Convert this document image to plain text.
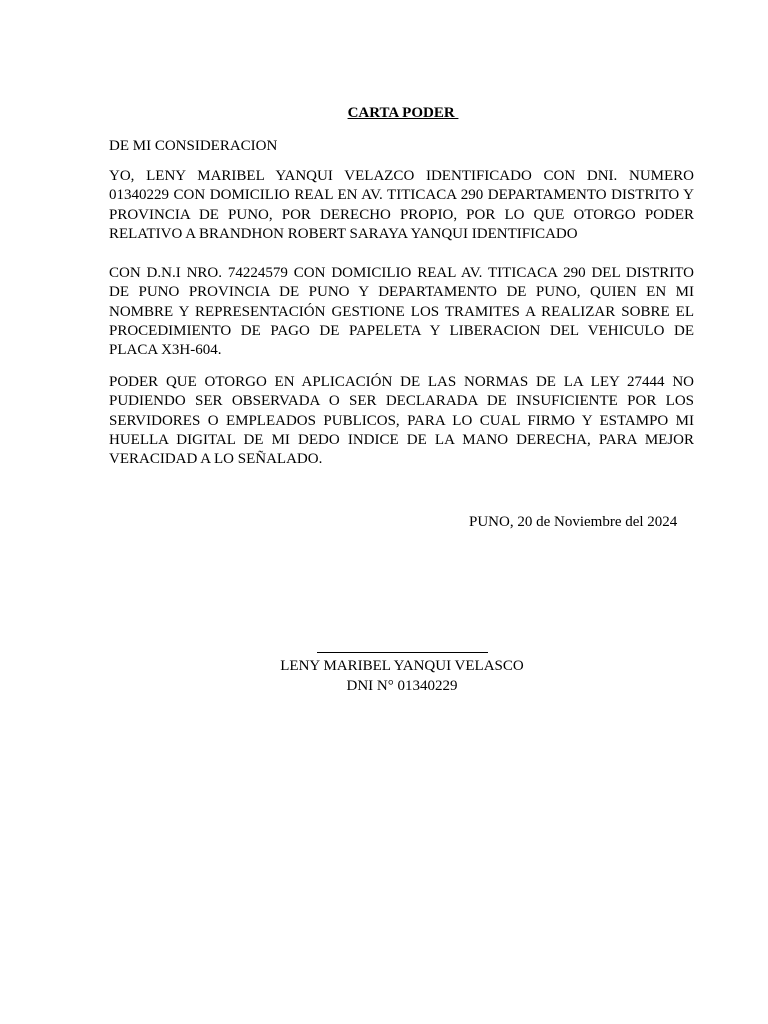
CARTA PODER
DE MI CONSIDERACION

YO, LENY MARIBEL YANQUI VELAZCO IDENTIFICADO CON DNI. NUMERO 01340229 CON DOMICILIO REAL EN AV. TITICACA 290 DEPARTAMENTO DISTRITO Y PROVINCIA DE PUNO, POR DERECHO PROPIO, POR LO QUE OTORGO PODER RELATIVO A BRANDHON ROBERT SARAYA YANQUI IDENTIFICADO

CON D.N.I NRO. 74224579 CON DOMICILIO REAL AV. TITICACA 290 DEL DISTRITO DE PUNO PROVINCIA DE PUNO Y DEPARTAMENTO DE PUNO, QUIEN EN MI NOMBRE Y REPRESENTACIÓN GESTIONE LOS TRAMITES A REALIZAR SOBRE EL PROCEDIMIENTO DE PAGO DE PAPELETA Y LIBERACION DEL VEHICULO DE PLACA X3H-604.

PODER QUE OTORGO EN APLICACIÓN DE LAS NORMAS DE LA LEY 27444 NO PUDIENDO SER OBSERVADA O SER DECLARADA DE INSUFICIENTE POR LOS SERVIDORES O EMPLEADOS PUBLICOS, PARA LO CUAL FIRMO Y ESTAMPO MI HUELLA DIGITAL DE MI DEDO INDICE DE LA MANO DERECHA, PARA MEJOR VERACIDAD A LO SEÑALADO.

PUNO, 20 de Noviembre del 2024
LENY MARIBEL YANQUI VELASCO
DNI N° 01340229
